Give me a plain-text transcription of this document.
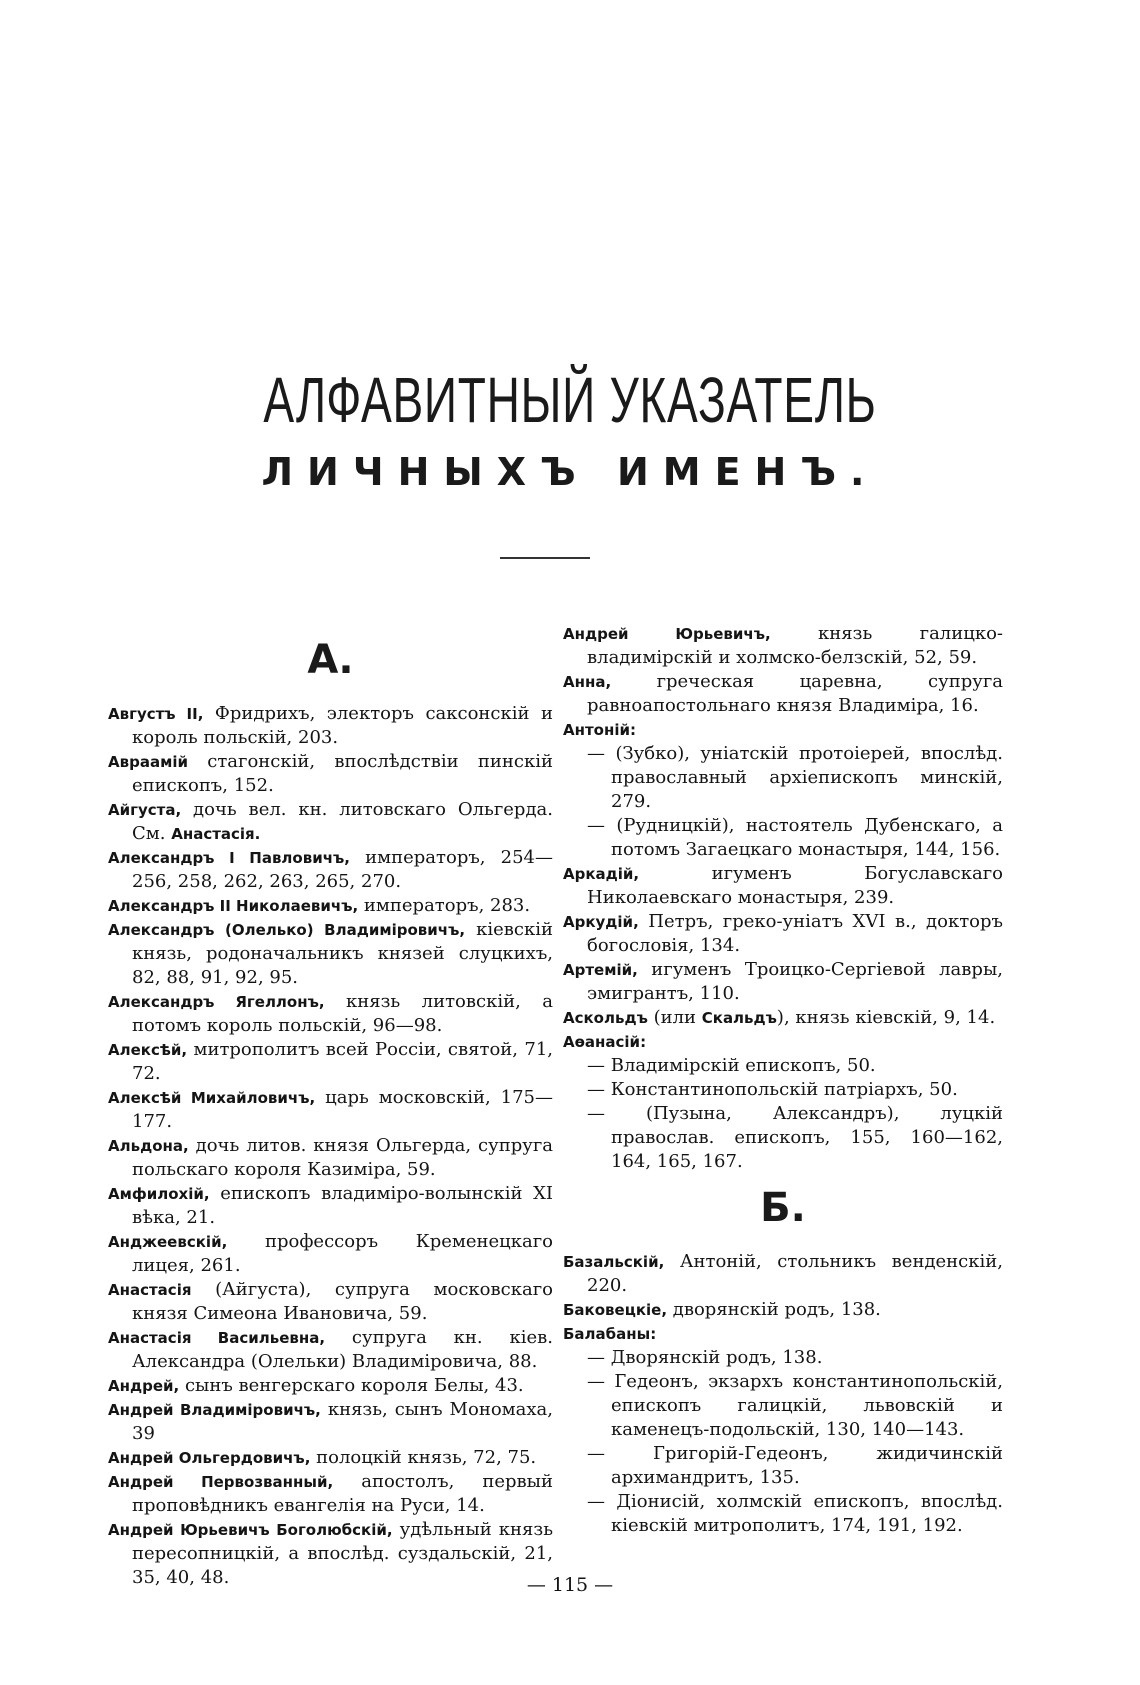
АЛФАВИТНЫЙ УКАЗАТЕЛЬ
ЛИЧНЫХЪ ИМЕНЪ.
А.
Августъ II, Фридрихъ, электоръ саксонскій и король польскій, 203.
Авраамій стагонскій, впослѣдствіи пинскій епископъ, 152.
Айгуста, дочь вел. кн. литовскаго Ольгерда. См. Анастасія.
Александръ I Павловичъ, императоръ, 254—256, 258, 262, 263, 265, 270.
Александръ II Николаевичъ, императоръ, 283.
Александръ (Олелько) Владиміровичъ, кіевскій князь, родоначальникъ князей слуцкихъ, 82, 88, 91, 92, 95.
Александръ Ягеллонъ, князь литовскій, а потомъ король польскій, 96—98.
Алексѣй, митрополитъ всей Россіи, святой, 71, 72.
Алексѣй Михайловичъ, царь московскій, 175—177.
Альдона, дочь литов. князя Ольгерда, супруга польскаго короля Казиміра, 59.
Амфилохій, епископъ владиміро-волынскій XI вѣка, 21.
Анджеевскій, профессоръ Кременецкаго лицея, 261.
Анастасія (Айгуста), супруга московскаго князя Симеона Ивановича, 59.
Анастасія Васильевна, супруга кн. кіев. Александра (Олельки) Владиміровича, 88.
Андрей, сынъ венгерскаго короля Белы, 43.
Андрей Владиміровичъ, князь, сынъ Мономаха, 39
Андрей Ольгердовичъ, полоцкій князь, 72, 75.
Андрей Первозванный, апостолъ, первый проповѣдникъ евангелія на Руси, 14.
Андрей Юрьевичъ Боголюбскій, удѣльный князь пересопницкій, а впослѣд. суздальскій, 21, 35, 40, 48.
Андрей Юрьевичъ, князь галицко-владимірскій и холмско-белзскій, 52, 59.
Анна, греческая царевна, супруга равноапостольнаго князя Владиміра, 16.
Антоній:
— (Зубко), уніатскій протоіерей, впослѣд. православный архіепископъ минскій, 279.
— (Рудницкій), настоятель Дубенскаго, а потомъ Загаецкаго монастыря, 144, 156.
Аркадій, игуменъ Богуславскаго Николаевскаго монастыря, 239.
Аркудій, Петръ, греко-уніатъ XVI в., докторъ богословія, 134.
Артемій, игуменъ Троицко-Сергіевой лавры, эмигрантъ, 110.
Аскольдъ (или Скальдъ), князь кіевскій, 9, 14.
Аѳанасій:
— Владимірскій епископъ, 50.
— Константинопольскій патріархъ, 50.
— (Пузына, Александръ), луцкій православ. епископъ, 155, 160—162, 164, 165, 167.
Б.
Базальскій, Антоній, стольникъ венденскій, 220.
Баковецкіе, дворянскій родъ, 138.
Балабаны:
— Дворянскій родъ, 138.
— Гедеонъ, экзархъ константинопольскій, епископъ галицкій, львовскій и каменецъ-подольскій, 130, 140—143.
— Григорій-Гедеонъ, жидичинскій архимандритъ, 135.
— Діонисій, холмскій епископъ, впослѣд. кіевскій митрополитъ, 174, 191, 192.
— 115 —
